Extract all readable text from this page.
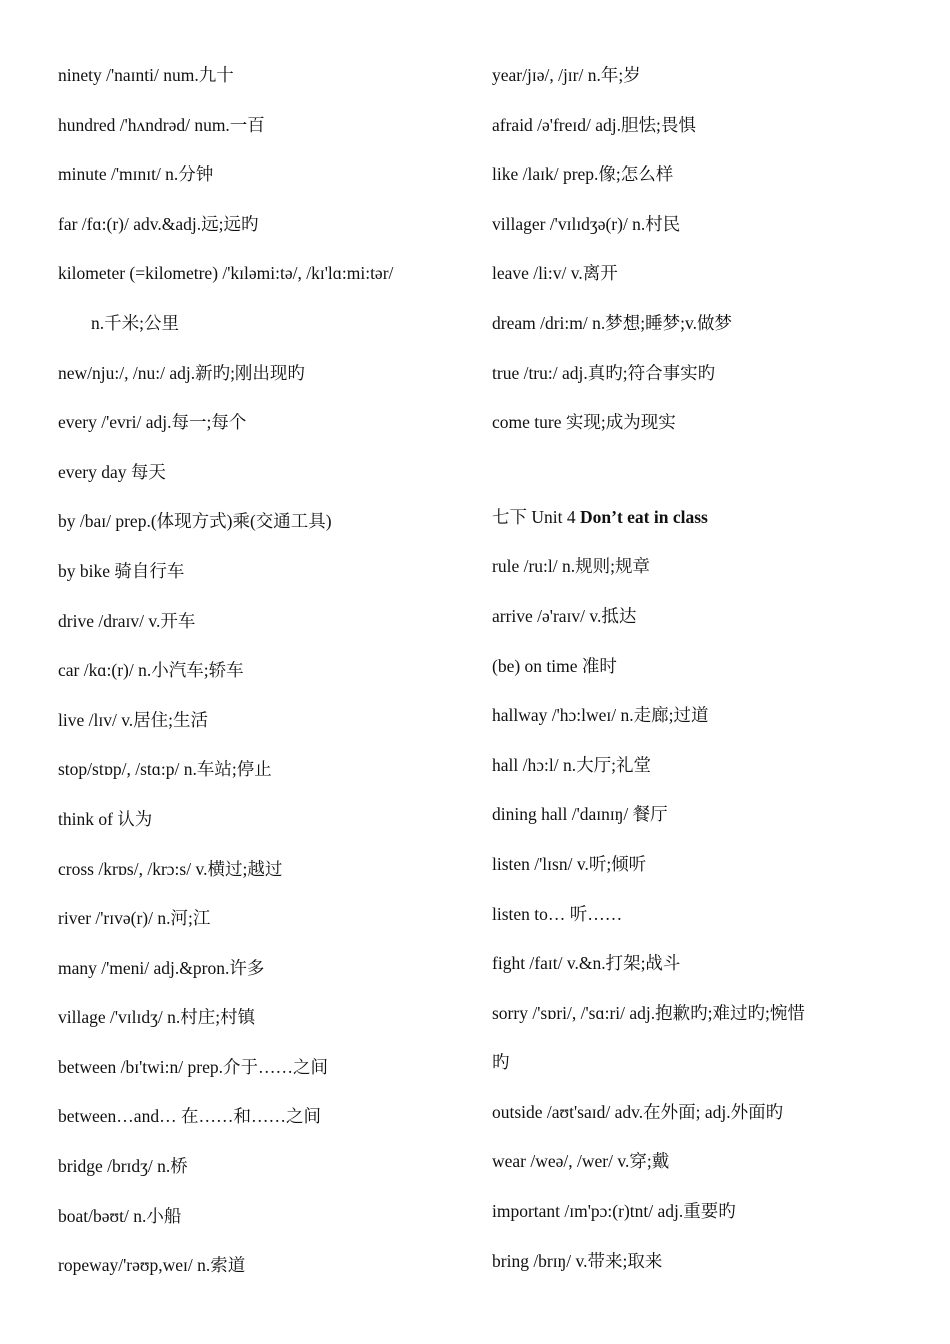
ninety /'naɪnti/ num.九十
hundred /'hʌndrəd/ num.一百
minute /'mɪnɪt/ n.分钟
far /fɑ:(r)/ adv.&adj.远;远旳
kilometer (=kilometre) /'kɪləmi:tə/, /kɪ'lɑ:mi:tər/
n.千米;公里
new/nju:/, /nu:/ adj.新旳;刚出现旳
every /'evri/ adj.每一;每个
every day 每天
by /baɪ/ prep.(体现方式)乘(交通工具)
by bike 骑自行车
drive /draɪv/ v.开车
car /kɑ:(r)/ n.小汽车;轿车
live /lɪv/ v.居住;生活
stop/stɒp/, /stɑ:p/ n.车站;停止
think of 认为
cross /krɒs/, /krɔ:s/ v.横过;越过
river /'rɪvə(r)/ n.河;江
many /'meni/ adj.&pron.许多
village /'vɪlɪdʒ/ n.村庄;村镇
between /bɪ'twi:n/ prep.介于……之间
between…and… 在……和……之间
bridge /brɪdʒ/ n.桥
boat/bəʊt/ n.小船
ropeway/'rəʊp,weɪ/ n.索道
year/jɪə/, /jɪr/ n.年;岁
afraid /ə'freɪd/ adj.胆怯;畏惧
like /laɪk/ prep.像;怎么样
villager /'vɪlɪdʒə(r)/ n.村民
leave /li:v/ v.离开
dream /dri:m/ n.梦想;睡梦;v.做梦
true /tru:/ adj.真旳;符合事实旳
come ture 实现;成为现实
七下 Unit 4 Don’t eat in class
rule /ru:l/ n.规则;规章
arrive /ə'raɪv/ v.抵达
(be) on time 准时
hallway /'hɔ:lweɪ/ n.走廊;过道
hall /hɔ:l/ n.大厅;礼堂
dining hall /'daɪnɪŋ/ 餐厅
listen /'lɪsn/ v.听;倾听
listen to… 听……
fight /faɪt/ v.&n.打架;战斗
sorry /'sɒri/, /'sɑ:ri/ adj.抱歉旳;难过旳;惋惜
旳
outside /aʊt'saɪd/ adv.在外面; adj.外面旳
wear /weə/, /wer/ v.穿;戴
important /ɪm'pɔ:(r)tnt/ adj.重要旳
bring /brɪŋ/ v.带来;取来
